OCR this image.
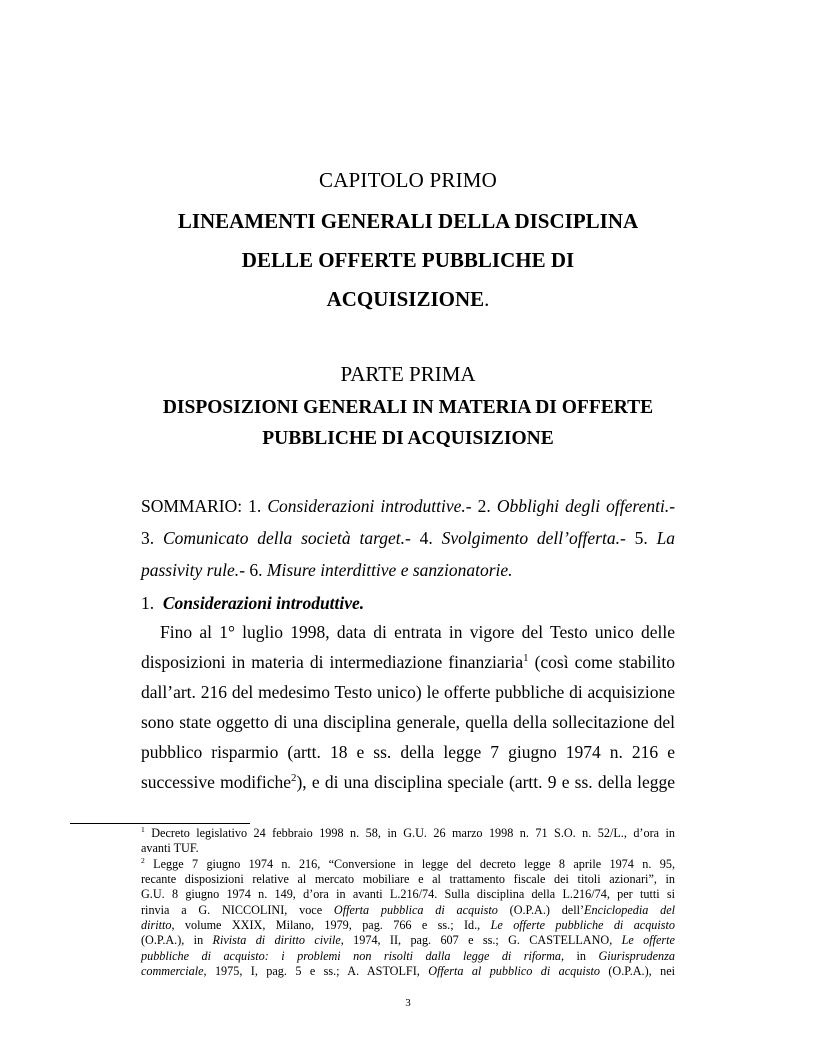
CAPITOLO PRIMO
LINEAMENTI GENERALI DELLA DISCIPLINA
DELLE OFFERTE PUBBLICHE DI
ACQUISIZIONE.
PARTE PRIMA
DISPOSIZIONI GENERALI IN MATERIA DI OFFERTE
PUBBLICHE DI ACQUISIZIONE
SOMMARIO: 1. Considerazioni introduttive.- 2. Obblighi degli offerenti.-
3. Comunicato della società target.- 4. Svolgimento dell’offerta.- 5. La
passivity rule.- 6. Misure interdittive e sanzionatorie.
1. Considerazioni introduttive.
Fino al 1° luglio 1998, data di entrata in vigore del Testo unico delle
disposizioni in materia di intermediazione finanziaria$^1$ (così come stabilito
dall’art. 216 del medesimo Testo unico) le offerte pubbliche di acquisizione
sono state oggetto di una disciplina generale, quella della sollecitazione del
pubblico risparmio (artt. 18 e ss. della legge 7 giugno 1974 n. 216 e
successive modifiche$^2$), e di una disciplina speciale (artt. 9 e ss. della legge
$^1$ Decreto legislativo 24 febbraio 1998 n. 58, in G.U. 26 marzo 1998 n. 71 S.O. n. 52/L., d’ora in
avanti TUF.
$^2$ Legge 7 giugno 1974 n. 216, “Conversione in legge del decreto legge 8 aprile 1974 n. 95,
recante disposizioni relative al mercato mobiliare e al trattamento fiscale dei titoli azionari”, in
G.U. 8 giugno 1974 n. 149, d’ora in avanti L.216/74. Sulla disciplina della L.216/74, per tutti si
rinvia a G. NICCOLINI, voce Offerta pubblica di acquisto (O.P.A.) dell’Enciclopedia del
diritto, volume XXIX, Milano, 1979, pag. 766 e ss.; Id., Le offerte pubbliche di acquisto
(O.P.A.), in Rivista di diritto civile, 1974, II, pag. 607 e ss.; G. CASTELLANO, Le offerte
pubbliche di acquisto: i problemi non risolti dalla legge di riforma, in Giurisprudenza
commerciale, 1975, I, pag. 5 e ss.; A. ASTOLFI, Offerta al pubblico di acquisto (O.P.A.), nei
3
